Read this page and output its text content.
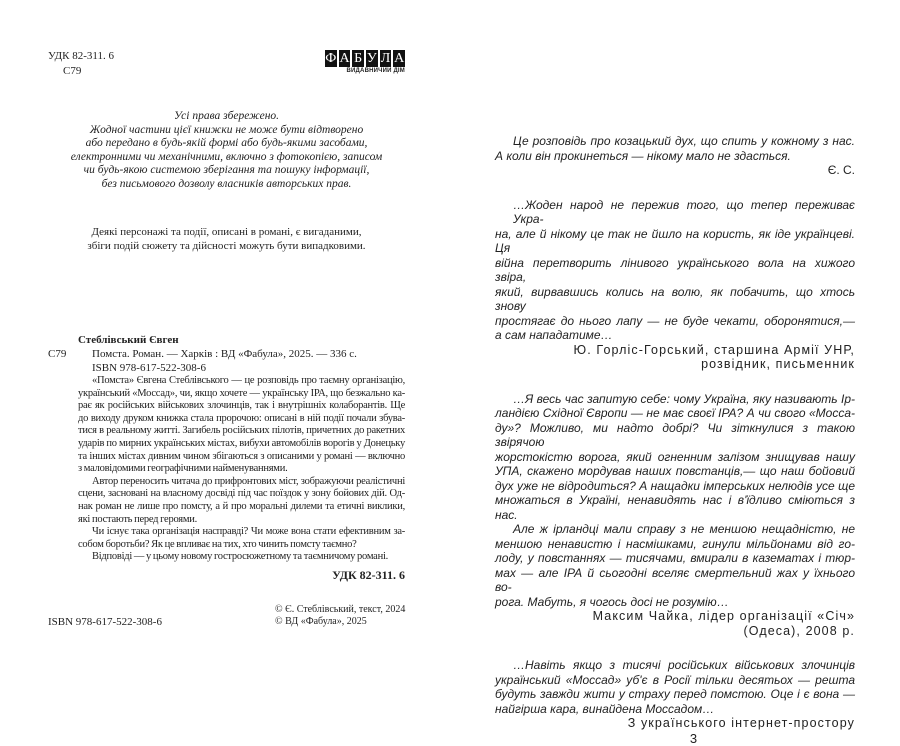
УДК 82-311. 6
С79
Ф А Б У Л А
ВИДАВНИЧИЙ ДІМ
Усі права збережено.
Жодної частини цієї книжки не може бути відтворено
або передано в будь-якій формі або будь-якими засобами,
електронними чи механічними, включно з фотокопією, записом
чи будь-якою системою зберігання та пошуку інформації,
без письмового дозволу власників авторських прав.
Деякі персонажі та події, описані в романі, є вигаданими,
збіги подій сюжету та дійсності можуть бути випадковими.
Стеблівський Євген
С79	Помста. Роман. — Харків : ВД «Фабула», 2025. — 336 с.
ISBN 978-617-522-308-6
«Помста» Євгена Стеблівського — це розповідь про таємну організацію,
український «Моссад», чи, якщо хочете — українську ІРА, що безжально ка-
рає як російських військових злочинців, так і внутрішніх колаборантів. Ще
до виходу друком книжка стала пророчою: описані в ній події почали збува-
тися в реальному житті. Загибель російських пілотів, причетних до ракетних
ударів по мирних українських містах, вибухи автомобілів ворогів у Донецьку
та інших містах дивним чином збігаються з описаними у романі — включно
з маловідомими географічними найменуваннями.
Автор переносить читача до прифронтових міст, зображуючи реалістичні
сцени, засновані на власному досвіді під час поїздок у зону бойових дій. Од-
нак роман не лише про помсту, а й про моральні дилеми та етичні виклики,
які постають перед героями.
Чи існує така організація насправді? Чи може вона стати ефективним за-
собом боротьби? Як це впливає на тих, хто чинить помсту таємно?
Відповіді — у цьому новому гостросюжетному та таємничому романі.
УДК 82-311. 6
ISBN 978-617-522-308-6
© Є. Стеблівський, текст, 2024
© ВД «Фабула», 2025
Це розповідь про козацький дух, що спить у кожному з нас.
А коли він прокинеться — нікому мало не здасться.
Є. С.
…Жоден народ не пережив того, що тепер переживає Укра-
на, але й нікому це так не йшло на користь, як іде українцеві. Ця
війна перетворить лінивого українського вола на хижого звіра,
який, вирвавшись колись на волю, як побачить, що хтось знову
простягає до нього лапу — не буде чекати, оборонятися,—
а сам нападатиме…
Ю. Горліс-Горський, старшина Армії УНР,
розвідник, письменник
…Я весь час запитую себе: чому Україна, яку називають Ір-
ландією Східної Європи — не має своєї ІРА? А чи свого «Мосса-
ду»? Можливо, ми надто добрі? Чи зіткнулися з такою звірячою
жорстокістю ворога, який огненним залізом знищував нашу
УПА, скажено мордував наших повстанців,— що наш бойовий
дух уже не відродиться? А нащадки імперських нелюдів усе ще
множаться в Україні, ненавидять нас і в'їдливо сміються з нас.
Але ж ірландці мали справу з не меншою нещадністю, не
меншою ненавистю і насмішками, гинули мільйонами від го-
лоду, у повстаннях — тисячами, вмирали в казематах і тюр-
мах — але ІРА й сьогодні вселяє смертельний жах у їхнього во-
рога. Мабуть, я чогось досі не розумію…
Максим Чайка, лідер організації «Січ»
(Одеса), 2008 р.
…Навіть якщо з тисячі російських військових злочинців
український «Моссад» уб'є в Росії тільки десятьох — решта
будуть завжди жити у страху перед помстою. Оце і є вона —
найгірша кара, винайдена Моссадом…
З українського інтернет-простору
3
